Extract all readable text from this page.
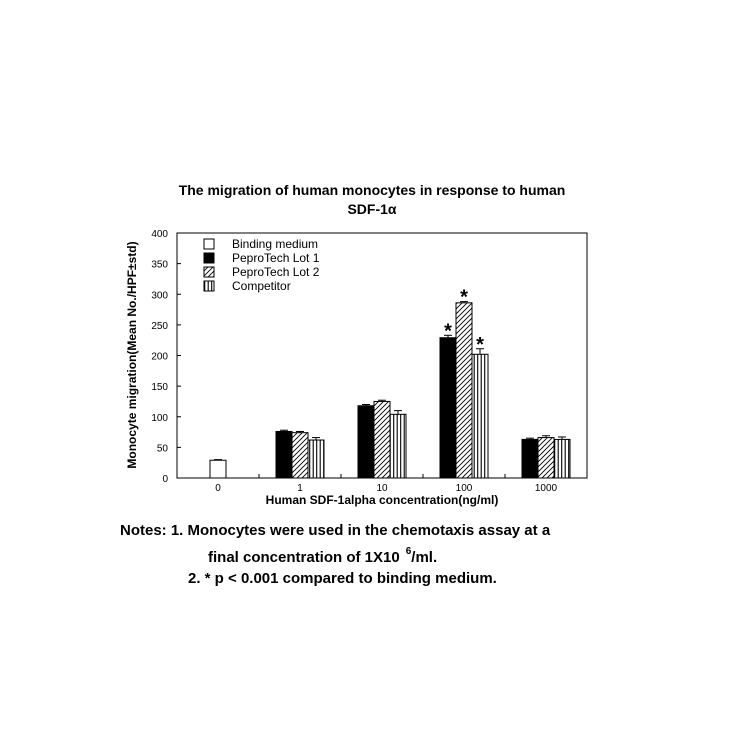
The migration of human monocytes in response to human
SDF-1α
0
50
100
150
200
250
300
350
400
0	1	10	100	1000
*
*
*
Binding medium
PeproTech Lot 1
PeproTech Lot 2
Competitor
Human SDF-1alpha concentration(ng/ml)
Monocyte migration(Mean No./HPF±std)
Notes: 1. Monocytes were used in the chemotaxis assay at a
final concentration of 1X10 $^6$/ml.
2. * p < 0.001 compared to binding medium.
